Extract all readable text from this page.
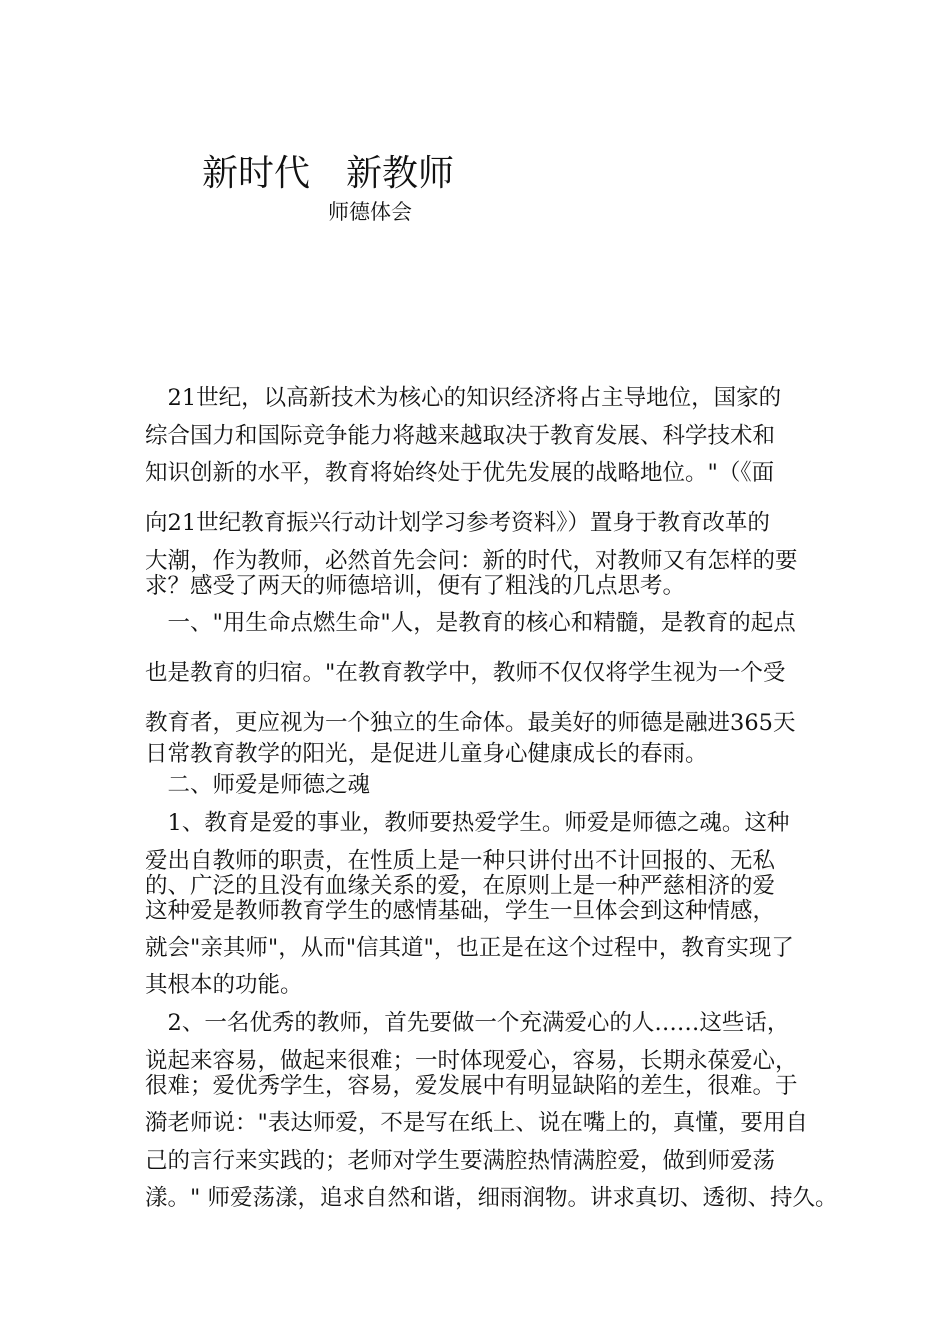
新时代　新教师
师德体会
　21世纪，以高新技术为核心的知识经济将占主导地位，国家的
综合国力和国际竞争能力将越来越取决于教育发展、科学技术和
知识创新的水平，教育将始终处于优先发展的战略地位。"（《面
向21世纪教育振兴行动计划学习参考资料》）置身于教育改革的
大潮，作为教师，必然首先会问：新的时代，对教师又有怎样的要
求？感受了两天的师德培训，便有了粗浅的几点思考。
　一、"用生命点燃生命"人，是教育的核心和精髓，是教育的起点
也是教育的归宿。"在教育教学中，教师不仅仅将学生视为一个受
教育者，更应视为一个独立的生命体。最美好的师德是融进365天
日常教育教学的阳光，是促进儿童身心健康成长的春雨。
　二、师爱是师德之魂
　1、教育是爱的事业，教师要热爱学生。师爱是师德之魂。这种
爱出自教师的职责，在性质上是一种只讲付出不计回报的、无私
的、广泛的且没有血缘关系的爱，在原则上是一种严慈相济的爱
这种爱是教师教育学生的感情基础，学生一旦体会到这种情感，
就会"亲其师"，从而"信其道"，也正是在这个过程中，教育实现了
其根本的功能。
　2、一名优秀的教师，首先要做一个充满爱心的人……这些话，
说起来容易，做起来很难；一时体现爱心，容易，长期永葆爱心，
很难；爱优秀学生，容易，爱发展中有明显缺陷的差生，很难。于
漪老师说："表达师爱，不是写在纸上、说在嘴上的，真懂，要用自
己的言行来实践的；老师对学生要满腔热情满腔爱，做到师爱荡
漾。" 师爱荡漾，追求自然和谐，细雨润物。讲求真切、透彻、持久。
